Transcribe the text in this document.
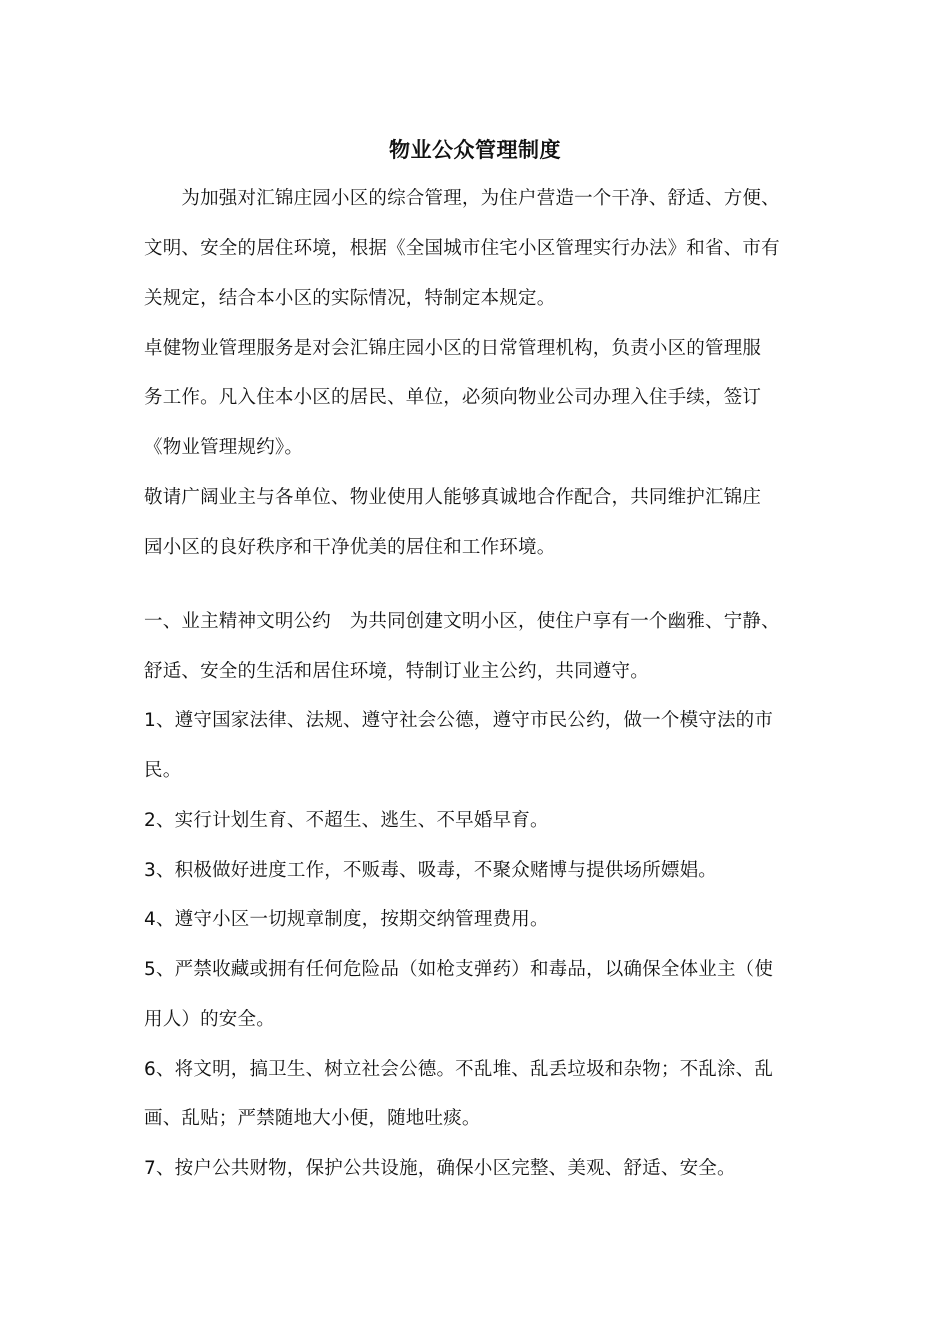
物业公众管理制度

　　为加强对汇锦庄园小区的综合管理，为住户营造一个干净、舒适、方便、

文明、安全的居住环境，根据《全国城市住宅小区管理实行办法》和省、市有

关规定，结合本小区的实际情况，特制定本规定。

卓健物业管理服务是对会汇锦庄园小区的日常管理机构，负责小区的管理服

务工作。凡入住本小区的居民、单位，必须向物业公司办理入住手续，签订

《物业管理规约》。

敬请广阔业主与各单位、物业使用人能够真诚地合作配合，共同维护汇锦庄

园小区的良好秩序和干净优美的居住和工作环境。

一、业主精神文明公约　为共同创建文明小区，使住户享有一个幽雅、宁静、

舒适、安全的生活和居住环境，特制订业主公约，共同遵守。

1、遵守国家法律、法规、遵守社会公德，遵守市民公约，做一个模守法的市

民。

2、实行计划生育、不超生、逃生、不早婚早育。

3、积极做好进度工作，不贩毒、吸毒，不聚众赌博与提供场所嫖娼。

4、遵守小区一切规章制度，按期交纳管理费用。

5、严禁收藏或拥有任何危险品（如枪支弹药）和毒品，以确保全体业主（使

用人）的安全。

6、将文明，搞卫生、树立社会公德。不乱堆、乱丢垃圾和杂物；不乱涂、乱

画、乱贴；严禁随地大小便，随地吐痰。

7、按户公共财物，保护公共设施，确保小区完整、美观、舒适、安全。
